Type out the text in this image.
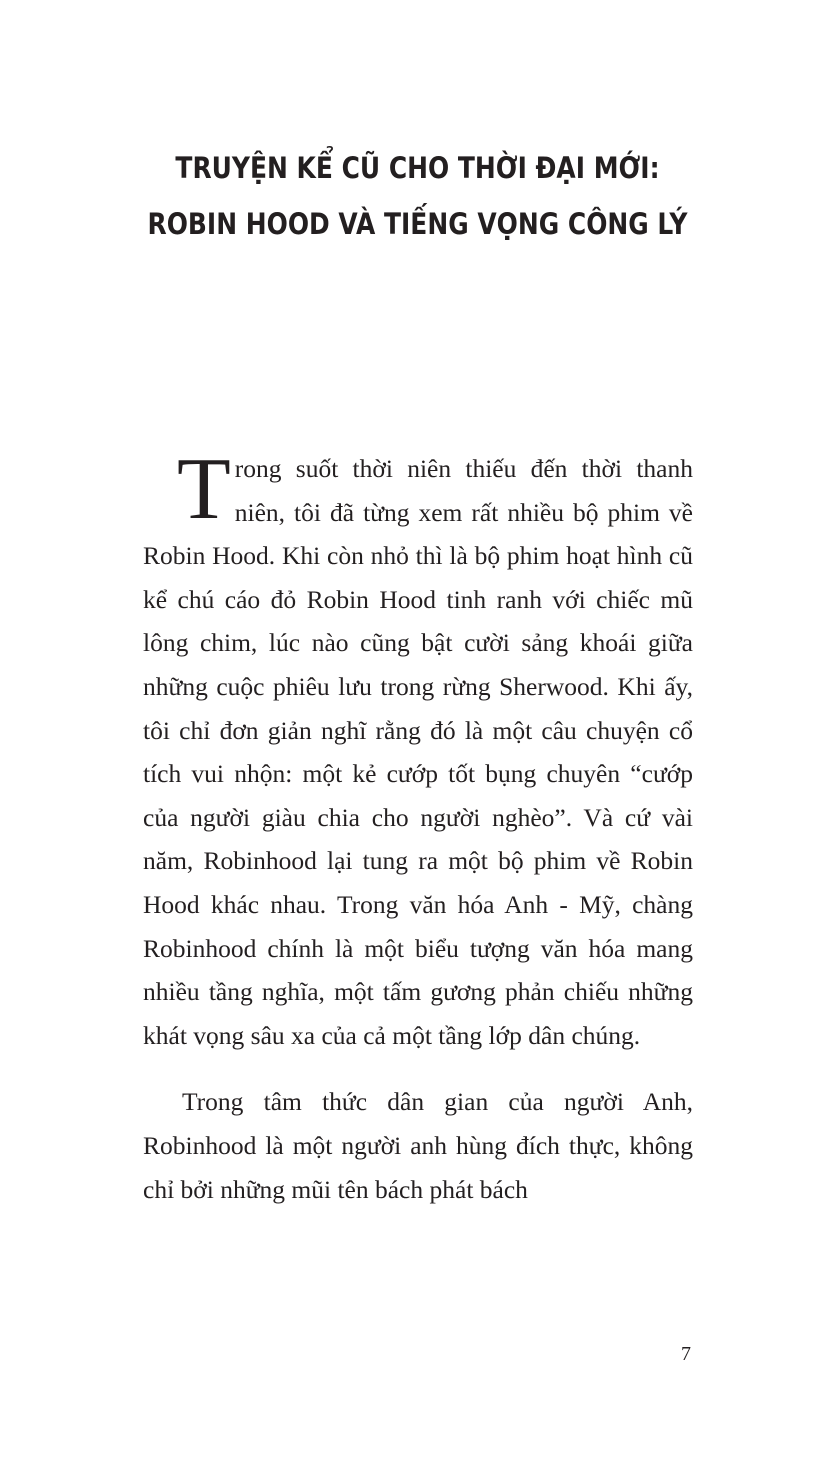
TRUYỆN KỂ CŨ CHO THỜI ĐẠI MỚI:
ROBIN HOOD VÀ TIẾNG VỌNG CÔNG LÝ

Trong suốt thời niên thiếu đến thời thanh niên, tôi đã từng xem rất nhiều bộ phim về Robin Hood. Khi còn nhỏ thì là bộ phim hoạt hình cũ kể chú cáo đỏ Robin Hood tinh ranh với chiếc mũ lông chim, lúc nào cũng bật cười sảng khoái giữa những cuộc phiêu lưu trong rừng Sherwood. Khi ấy, tôi chỉ đơn giản nghĩ rằng đó là một câu chuyện cổ tích vui nhộn: một kẻ cướp tốt bụng chuyên “cướp của người giàu chia cho người nghèo”. Và cứ vài năm, Robinhood lại tung ra một bộ phim về Robin Hood khác nhau. Trong văn hóa Anh - Mỹ, chàng Robinhood chính là một biểu tượng văn hóa mang nhiều tầng nghĩa, một tấm gương phản chiếu những khát vọng sâu xa của cả một tầng lớp dân chúng.

Trong tâm thức dân gian của người Anh, Robinhood là một người anh hùng đích thực, không chỉ bởi những mũi tên bách phát bách

7
